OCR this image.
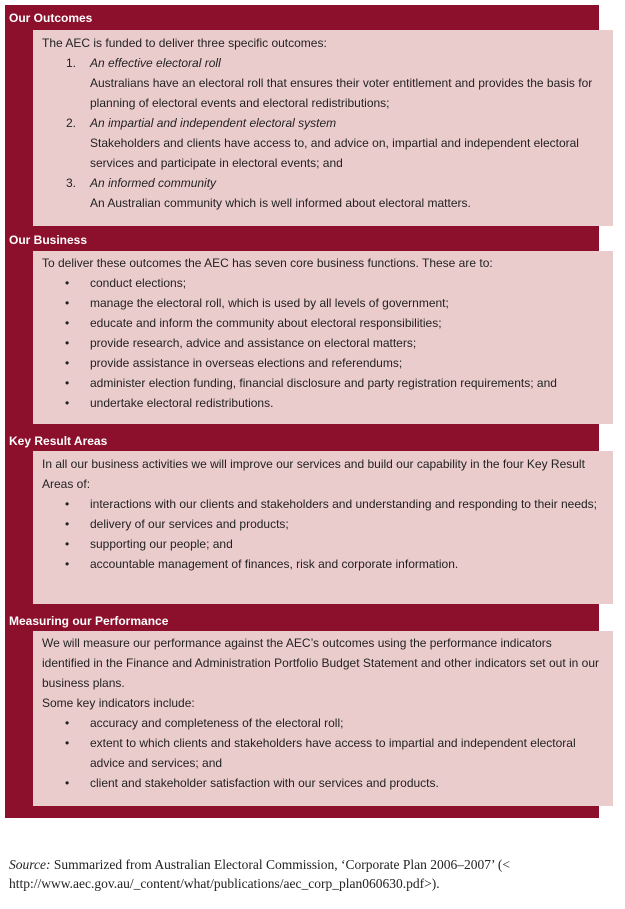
Our Outcomes

The AEC is funded to deliver three specific outcomes:

1. An effective electoral roll
Australians have an electoral roll that ensures their voter entitlement and provides the basis for planning of electoral events and electoral redistributions;
2. An impartial and independent electoral system
Stakeholders and clients have access to, and advice on, impartial and independent electoral services and participate in electoral events; and
3. An informed community
An Australian community which is well informed about electoral matters.
Our Business

To deliver these outcomes the AEC has seven core business functions. These are to:

• conduct elections;
• manage the electoral roll, which is used by all levels of government;
• educate and inform the community about electoral responsibilities;
• provide research, advice and assistance on electoral matters;
• provide assistance in overseas elections and referendums;
• administer election funding, financial disclosure and party registration requirements; and
• undertake electoral redistributions.
Key Result Areas

In all our business activities we will improve our services and build our capability in the four Key Result Areas of:

• interactions with our clients and stakeholders and understanding and responding to their needs;
• delivery of our services and products;
• supporting our people; and
• accountable management of finances, risk and corporate information.
Measuring our Performance

We will measure our performance against the AEC’s outcomes using the performance indicators identified in the Finance and Administration Portfolio Budget Statement and other indicators set out in our business plans.

Some key indicators include:

• accuracy and completeness of the electoral roll;
• extent to which clients and stakeholders have access to impartial and independent electoral advice and services; and
• client and stakeholder satisfaction with our services and products.
Source: Summarized from Australian Electoral Commission, ‘Corporate Plan 2006–2007’ (< http://www.aec.gov.au/_content/what/publications/aec_corp_plan060630.pdf>).
